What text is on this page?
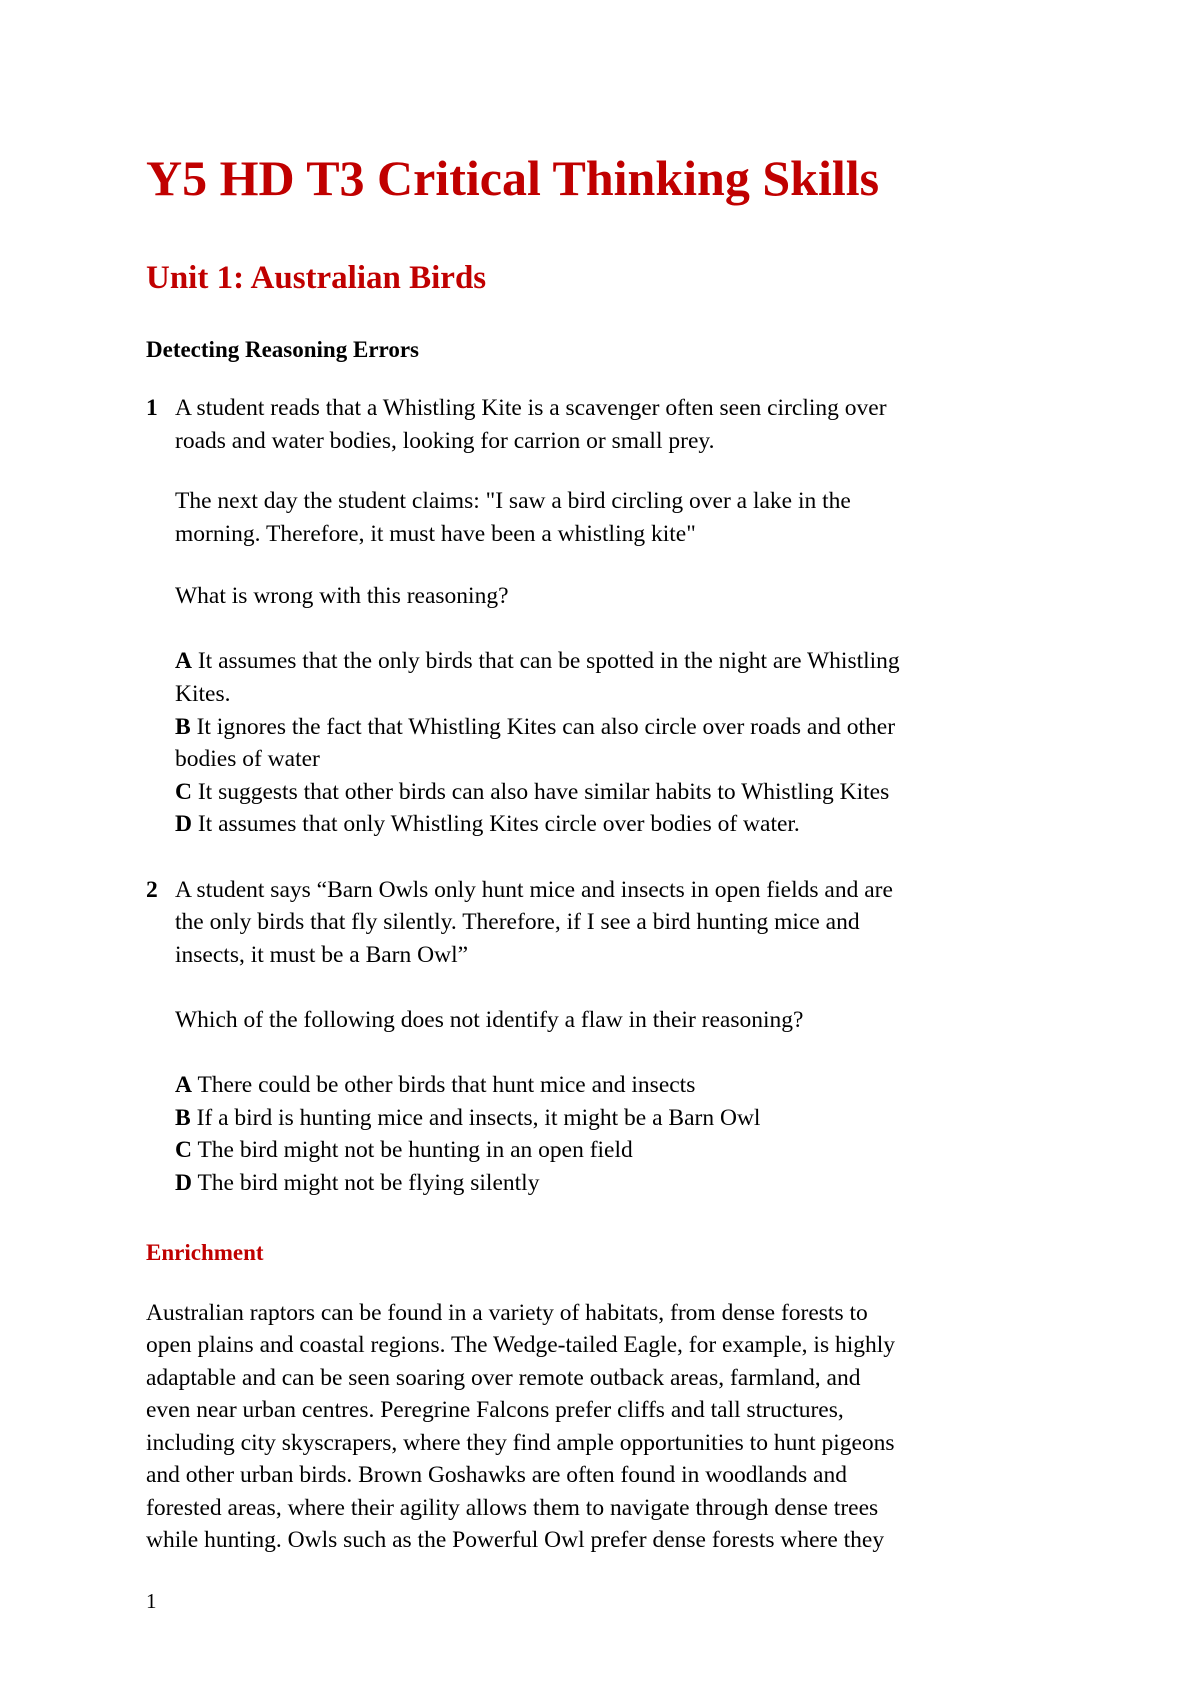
Y5 HD T3 Critical Thinking Skills
Unit 1: Australian Birds
Detecting Reasoning Errors

1 A student reads that a Whistling Kite is a scavenger often seen circling over

roads and water bodies, looking for carrion or small prey.

The next day the student claims: "I saw a bird circling over a lake in the

morning. Therefore, it must have been a whistling kite"

What is wrong with this reasoning?

A It assumes that the only birds that can be spotted in the night are Whistling

Kites.

B It ignores the fact that Whistling Kites can also circle over roads and other

bodies of water

C It suggests that other birds can also have similar habits to Whistling Kites

D It assumes that only Whistling Kites circle over bodies of water.

2 A student says “Barn Owls only hunt mice and insects in open fields and are

the only birds that fly silently. Therefore, if I see a bird hunting mice and

insects, it must be a Barn Owl”

Which of the following does not identify a flaw in their reasoning?

A There could be other birds that hunt mice and insects

B If a bird is hunting mice and insects, it might be a Barn Owl

C The bird might not be hunting in an open field

D The bird might not be flying silently

Enrichment

Australian raptors can be found in a variety of habitats, from dense forests to

open plains and coastal regions. The Wedge-tailed Eagle, for example, is highly

adaptable and can be seen soaring over remote outback areas, farmland, and

even near urban centres. Peregrine Falcons prefer cliffs and tall structures,

including city skyscrapers, where they find ample opportunities to hunt pigeons

and other urban birds. Brown Goshawks are often found in woodlands and

forested areas, where their agility allows them to navigate through dense trees

while hunting. Owls such as the Powerful Owl prefer dense forests where they

1
